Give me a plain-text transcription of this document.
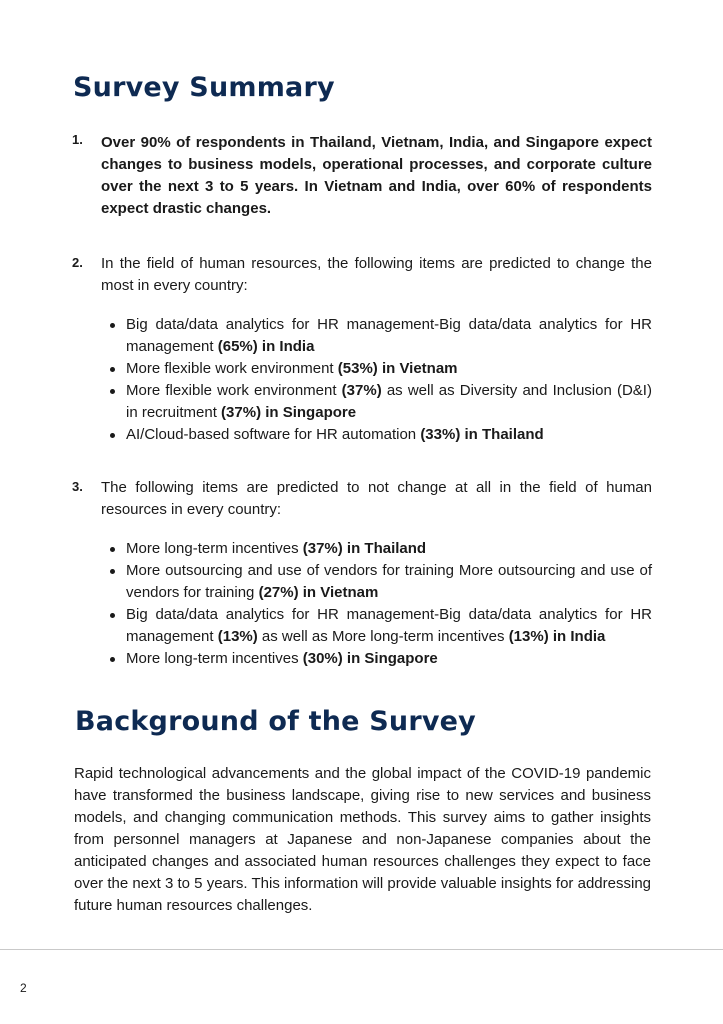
Survey Summary
1. Over 90% of respondents in Thailand, Vietnam, India, and Singapore expect changes to business models, operational processes, and corporate culture over the next 3 to 5 years. In Vietnam and India, over 60% of respondents expect drastic changes.
2. In the field of human resources, the following items are predicted to change the most in every country:
Big data/data analytics for HR management-Big data/data analytics for HR management (65%) in India
More flexible work environment (53%) in Vietnam
More flexible work environment (37%) as well as Diversity and Inclusion (D&I) in recruitment (37%) in Singapore
AI/Cloud-based software for HR automation (33%) in Thailand
3. The following items are predicted to not change at all in the field of human resources in every country:
More long-term incentives (37%) in Thailand
More outsourcing and use of vendors for training More outsourcing and use of vendors for training (27%) in Vietnam
Big data/data analytics for HR management-Big data/data analytics for HR management (13%) as well as More long-term incentives (13%) in India
More long-term incentives (30%) in Singapore
Background of the Survey

Rapid technological advancements and the global impact of the COVID-19 pandemic have transformed the business landscape, giving rise to new services and business models, and changing communication methods. This survey aims to gather insights from personnel managers at Japanese and non-Japanese companies about the anticipated changes and associated human resources challenges they expect to face over the next 3 to 5 years. This information will provide valuable insights for addressing future human resources challenges.

2
